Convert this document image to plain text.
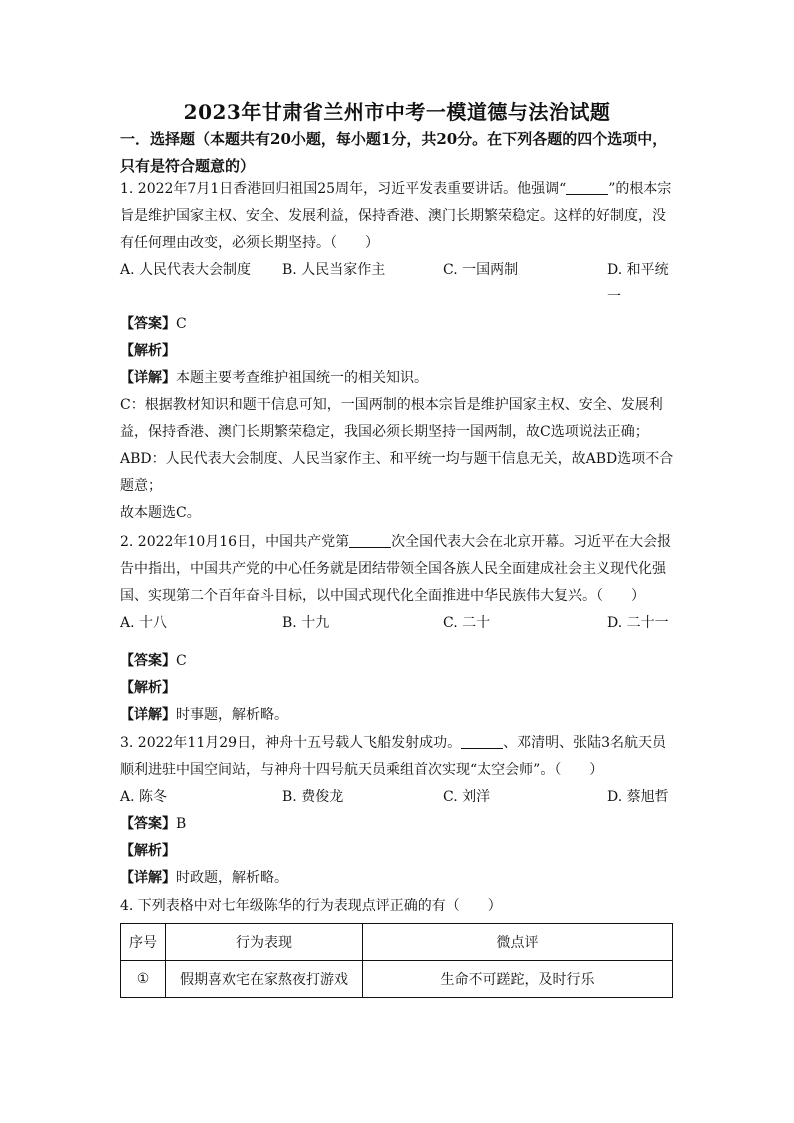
2023年甘肃省兰州市中考一模道德与法治试题
一．选择题（本题共有20小题，每小题1分，共20分。在下列各题的四个选项中，只有是符合题意的）
1. 2022年7月1日香港回归祖国25周年，习近平发表重要讲话。他强调“	”的根本宗旨是维护国家主权、安全、发展利益，保持香港、澳门长期繁荣稳定。这样的好制度，没有任何理由改变，必须长期坚持。（　　）
A. 人民代表大会制度 B. 人民当家作主	C. 一国两制	D. 和平统一
【答案】C
【解析】
【详解】本题主要考查维护祖国统一的相关知识。
C：根据教材知识和题干信息可知，一国两制的根本宗旨是维护国家主权、安全、发展利益，保持香港、澳门长期繁荣稳定，我国必须长期坚持一国两制，故C选项说法正确；
ABD：人民代表大会制度、人民当家作主、和平统一均与题干信息无关，故ABD选项不合题意；
故本题选C。
2. 2022年10月16日，中国共产党第	次全国代表大会在北京开幕。习近平在大会报告中指出，中国共产党的中心任务就是团结带领全国各族人民全面建成社会主义现代化强国、实现第二个百年奋斗目标，以中国式现代化全面推进中华民族伟大复兴。（　　）
A. 十八	B. 十九	C. 二十	D. 二十一
【答案】C
【解析】
【详解】时事题，解析略。
3. 2022年11月29日，神舟十五号载人飞船发射成功。	、邓清明、张陆3名航天员顺利进驻中国空间站，与神舟十四号航天员乘组首次实现“太空会师”。（　　）
A. 陈冬	B. 费俊龙	C. 刘洋	D. 蔡旭哲
【答案】B
【解析】
【详解】时政题，解析略。
4. 下列表格中对七年级陈华的行为表现点评正确的有（　　）
序号	行为表现	微点评
①	假期喜欢宅在家熬夜打游戏	生命不可蹉跎，及时行乐
